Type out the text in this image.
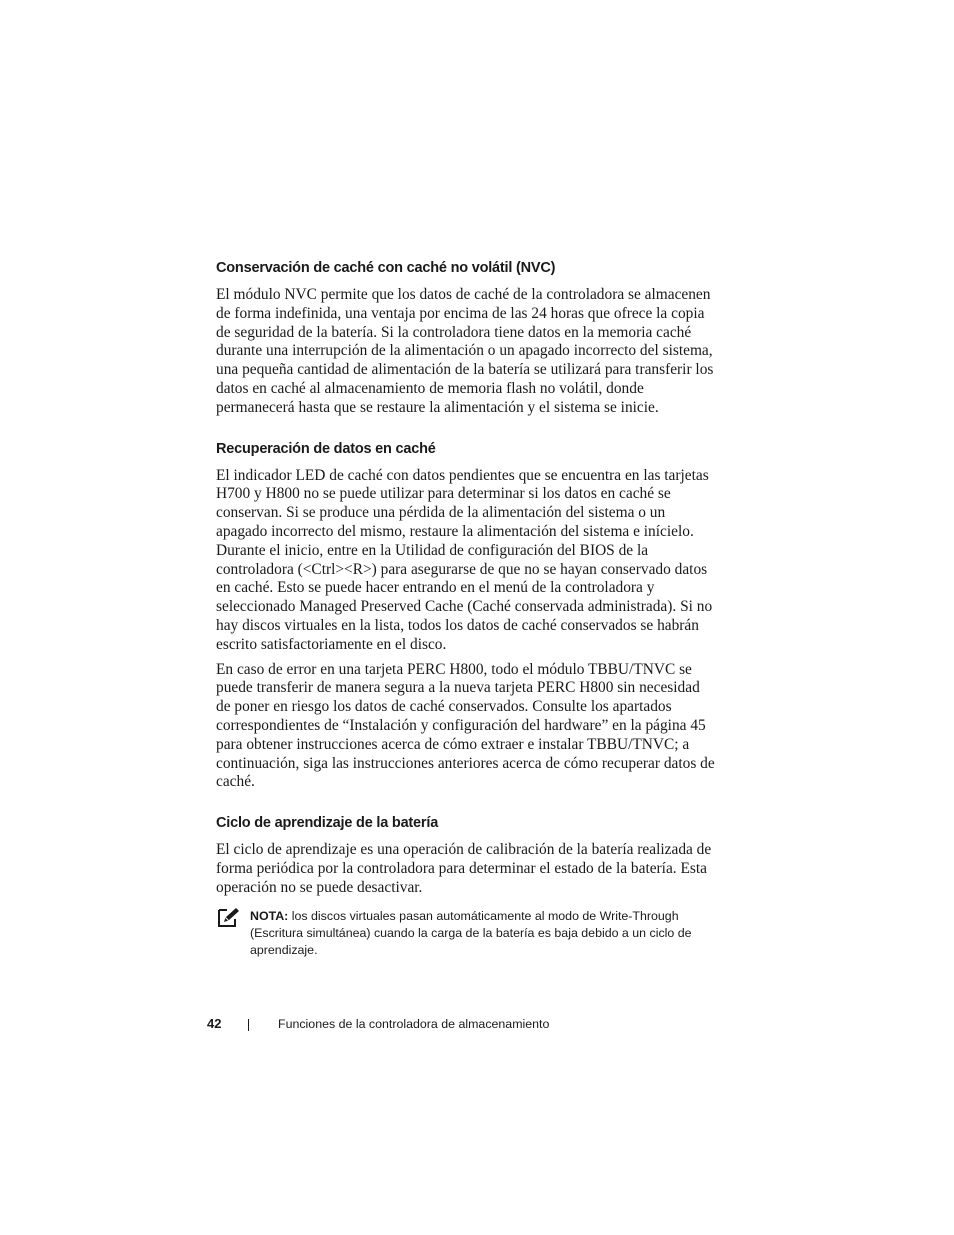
Conservación de caché con caché no volátil (NVC)

El módulo NVC permite que los datos de caché de la controladora se almacenen de forma indefinida, una ventaja por encima de las 24 horas que ofrece la copia de seguridad de la batería. Si la controladora tiene datos en la memoria caché durante una interrupción de la alimentación o un apagado incorrecto del sistema, una pequeña cantidad de alimentación de la batería se utilizará para transferir los datos en caché al almacenamiento de memoria flash no volátil, donde permanecerá hasta que se restaure la alimentación y el sistema se inicie.

Recuperación de datos en caché

El indicador LED de caché con datos pendientes que se encuentra en las tarjetas H700 y H800 no se puede utilizar para determinar si los datos en caché se conservan. Si se produce una pérdida de la alimentación del sistema o un apagado incorrecto del mismo, restaure la alimentación del sistema e inícielo. Durante el inicio, entre en la Utilidad de configuración del BIOS de la controladora (<Ctrl><R>) para asegurarse de que no se hayan conservado datos en caché. Esto se puede hacer entrando en el menú de la controladora y seleccionado Managed Preserved Cache (Caché conservada administrada). Si no hay discos virtuales en la lista, todos los datos de caché conservados se habrán escrito satisfactoriamente en el disco.

En caso de error en una tarjeta PERC H800, todo el módulo TBBU/TNVC se puede transferir de manera segura a la nueva tarjeta PERC H800 sin necesidad de poner en riesgo los datos de caché conservados. Consulte los apartados correspondientes de “Instalación y configuración del hardware” en la página 45 para obtener instrucciones acerca de cómo extraer e instalar TBBU/TNVC; a continuación, siga las instrucciones anteriores acerca de cómo recuperar datos de caché.

Ciclo de aprendizaje de la batería

El ciclo de aprendizaje es una operación de calibración de la batería realizada de forma periódica por la controladora para determinar el estado de la batería. Esta operación no se puede desactivar.

NOTA: los discos virtuales pasan automáticamente al modo de Write-Through (Escritura simultánea) cuando la carga de la batería es baja debido a un ciclo de aprendizaje.
42	Funciones de la controladora de almacenamiento
